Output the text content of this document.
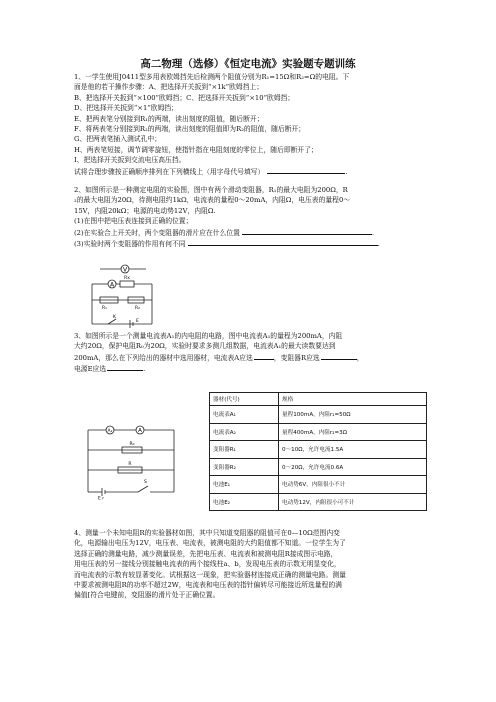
高二物理（选修）《恒定电流》实验题专题训练

1、一学生使用J0411型多用表欧姆挡先后检测两个阻值分别为R₁=15Ω和R₂=Ω的电阻。下

面是他的若干操作步骤：A、把选择开关扳到“×1k”欧姆挡上；

B、把选择开关扳到“×100”欧姆挡；C、把选择开关扳到“×10”欧姆挡；

D、把选择开关扳到“×1”欧姆挡；

E、把两表笔分别接到R₁的两端，读出刻度的阻值，随后断开；

F、将两表笔分别接到R₂的两端，读出刻度的阻值即为R₂的阻值，随后断开；

G、把两表笔插入测试孔中；

H、两表笔短接，调节调零旋钮，使指针指在电阻刻度的零位上，随后即断开了；

I、把选择开关扳到交流电压高压挡。

试将合理步骤按正确顺序排列在下列横线上（用字母代号填写）	.

2、如图所示是一种测定电阻的实验图，图中有两个滑动变阻器，R₁的最大电阻为200Ω，R

₂的最大电阻为20Ω，待测电阻约1kΩ，电流表的量程0～20mA，内阻Ω，电压表的量程0～

15V，内阻20kΩ；电源的电动势12V，内阻Ω.

(1)在图中把电压表连接到正确的位置；

(2)在实验合上开关时，两个变阻器的滑片应在什么位置	.

(3)实验时两个变阻器的作用有何不同	.

V
A
Rx
R₁	R₂
E
K

3、如图所示是一个测量电流表A₁的内电阻的电路，图中电流表A₁的量程为200mA，内阻

大约20Ω，保护电阻R₀为20Ω，实验时要求多测几组数据，电流表A₁的最大读数要达到

200mA，那么在下列给出的器材中选用器材，电流表A应选	，变阻器R应选	，

电源E应选	.

A₁	A
R₀
R
E r
S
器材(代号)	规格
电流表A₁	量程100mA，内阻r₁=50Ω
电流表A₂	量程400mA，内阻r₂=3Ω
变阻器R₁	0～10Ω，允许电流1.5A
变阻器R₂	0～20Ω，允许电流0.6A
电池E₁	电动势6V，内阻很小不计
电池E₂	电动势12V，内阻很小可不计

4、测量一个未知电阻R的实验器材如图，其中只知道变阻器的阻值可在0—10Ω范围内变

化，电源输出电压为12V，电压表、电流表，被测电阻的大约阻值都不知道。一位学生为了

选择正确的测量电路，减少测量误差，先把电压表、电流表和被测电阻R接成图示电路，

用电压表的另一接线分别接触电流表的两个接线柱a、b，发现电压表的示数无明显变化，

而电流表的示数有较显著变化。试根据这一现象，把实验器材连接成正确的测量电路。测量

中要求被测电阻R的功率不超过2W，电流表和电压表的指针偏转尽可能接近所选量程的满

偏值[符合电键前，变阻器的滑片处于正确位置。
